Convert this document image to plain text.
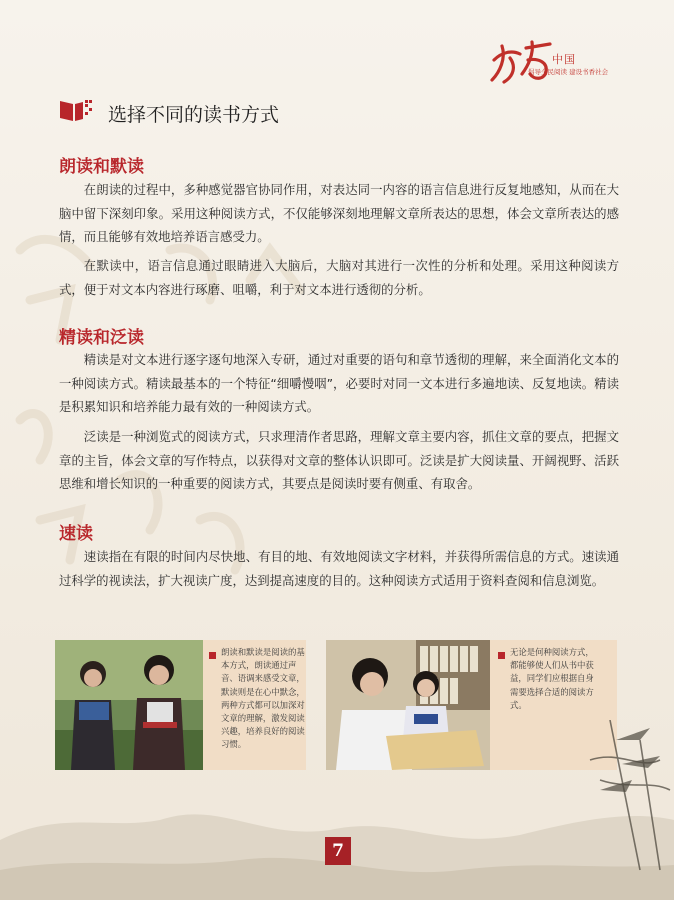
中国
倡导全民阅读 建设书香社会
选择不同的读书方式
朗读和默读
在朗读的过程中，多种感觉器官协同作用，对表达同一内容的语言信息进行反复地感知，从而在大脑中留下深刻印象。采用这种阅读方式，不仅能够深刻地理解文章所表达的思想，体会文章所表达的感情，而且能够有效地培养语言感受力。
在默读中，语言信息通过眼睛进入大脑后，大脑对其进行一次性的分析和处理。采用这种阅读方式，便于对文本内容进行琢磨、咀嚼，利于对文本进行透彻的分析。
精读和泛读
精读是对文本进行逐字逐句地深入专研，通过对重要的语句和章节透彻的理解，来全面消化文本的一种阅读方式。精读最基本的一个特征“细嚼慢咽”，必要时对同一文本进行多遍地读、反复地读。精读是积累知识和培养能力最有效的一种阅读方式。
泛读是一种浏览式的阅读方式，只求理清作者思路，理解文章主要内容，抓住文章的要点，把握文章的主旨，体会文章的写作特点，以获得对文章的整体认识即可。泛读是扩大阅读量、开阔视野、活跃思维和增长知识的一种重要的阅读方式，其要点是阅读时要有侧重、有取舍。
速读
速读指在有限的时间内尽快地、有目的地、有效地阅读文字材料，并获得所需信息的方式。速读通过科学的视读法，扩大视读广度，达到提高速度的目的。这种阅读方式适用于资料查阅和信息浏览。
朗读和默读是阅读的基本方式，朗读通过声音、语调来感受文章，默读则是在心中默念，两种方式都可以加深对文章的理解，激发阅读兴趣，培养良好的阅读习惯。
无论是何种阅读方式，都能够使人们从书中获益，同学们应根据自身需要选择合适的阅读方式。
7
